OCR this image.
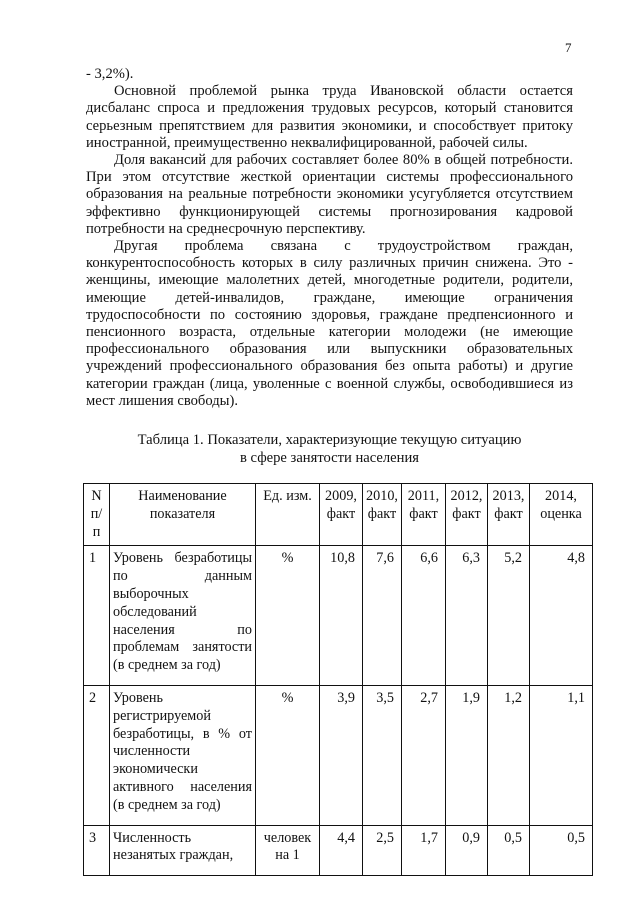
7

- 3,2%).

Основной проблемой рынка труда Ивановской области остается дисбаланс спроса и предложения трудовых ресурсов, который становится серьезным препятствием для развития экономики, и способствует притоку иностранной, преимущественно неквалифицированной, рабочей силы.

Доля вакансий для рабочих составляет более 80% в общей потребности. При этом отсутствие жесткой ориентации системы профессионального образования на реальные потребности экономики усугубляется отсутствием эффективно функционирующей системы прогнозирования кадровой потребности на среднесрочную перспективу.

Другая проблема связана с трудоустройством граждан, конкурентоспособность которых в силу различных причин снижена. Это - женщины, имеющие малолетних детей, многодетные родители, родители, имеющие детей-инвалидов, граждане, имеющие ограничения трудоспособности по состоянию здоровья, граждане предпенсионного и пенсионного возраста, отдельные категории молодежи (не имеющие профессионального образования или выпускники образовательных учреждений профессионального образования без опыта работы) и другие категории граждан (лица, уволенные с военной службы, освободившиеся из мест лишения свободы).

Таблица 1. Показатели, характеризующие текущую ситуацию
в сфере занятости населения
N п/п	Наименование показателя	Ед. изм.	2009, факт	2010, факт	2011, факт	2012, факт	2013, факт	2014, оценка
1	Уровень безработицы по данным выборочных обследований населения по проблемам занятости (в среднем за год)	%	10,8	7,6	6,6	6,3	5,2	4,8
2	Уровень регистрируемой безработицы, в % от численности экономически активного населения (в среднем за год)	%	3,9	3,5	2,7	1,9	1,2	1,1
3	Численность незанятых граждан,	человек на 1	4,4	2,5	1,7	0,9	0,5	0,5
